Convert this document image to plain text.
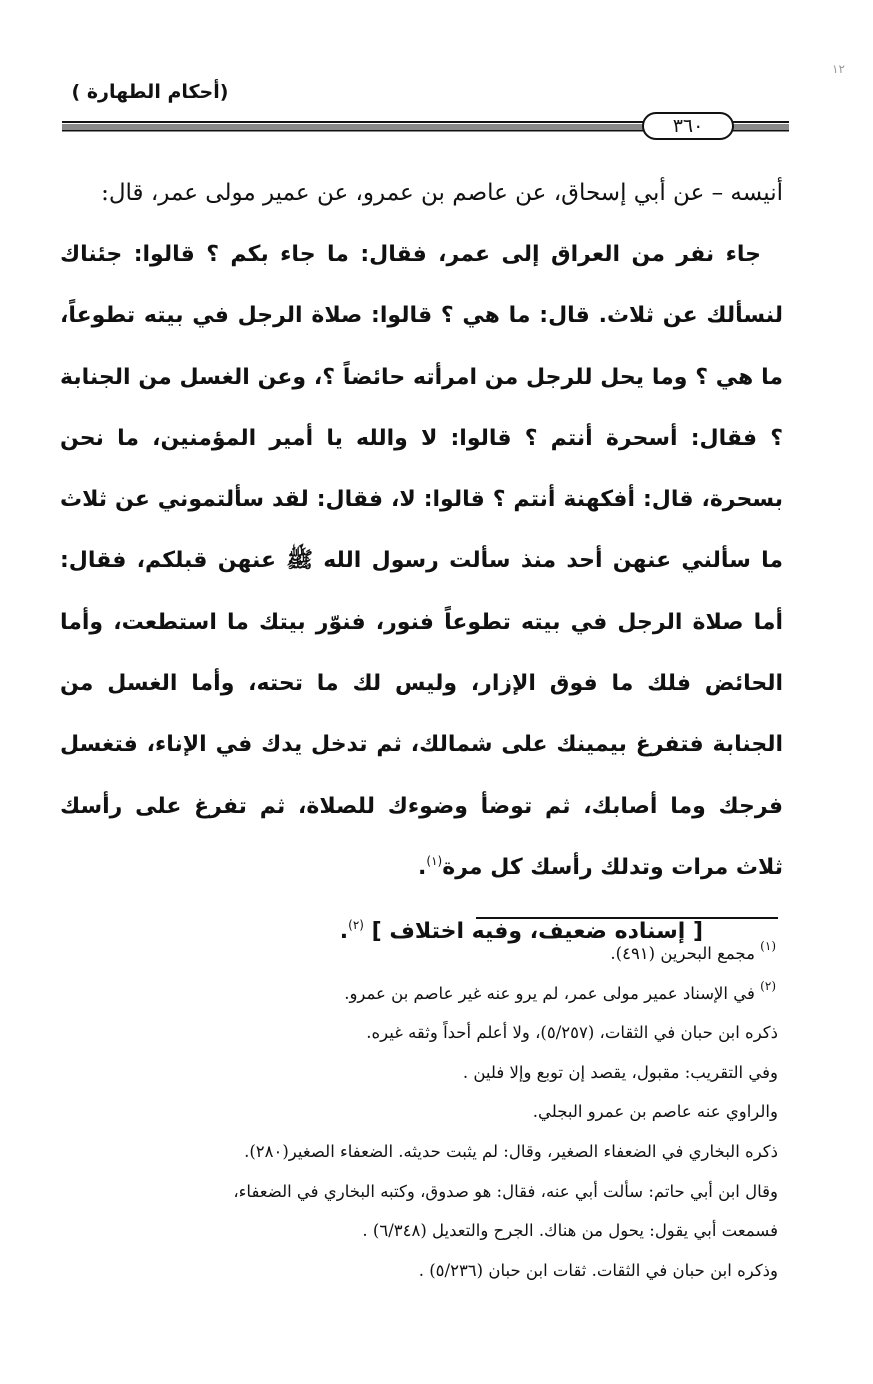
١٢
(أحكام الطهارة )
٣٦٠
أنيسه – عن أبي إسحاق، عن عاصم بن عمرو، عن عمير مولى عمر، قال:

جاء نفر من العراق إلى عمر، فقال: ما جاء بكم ؟ قالوا: جئناك لنسألك عن ثلاث. قال: ما هي ؟ قالوا: صلاة الرجل في بيته تطوعاً، ما هي ؟ وما يحل للرجل من امرأته حائضاً ؟، وعن الغسل من الجنابة ؟ فقال: أسحرة أنتم ؟ قالوا: لا والله يا أمير المؤمنين، ما نحن بسحرة، قال: أفكهنة أنتم ؟ قالوا: لا، فقال: لقد سألتموني عن ثلاث ما سألني عنهن أحد منذ سألت رسول الله ﷺ عنهن قبلكم، فقال: أما صلاة الرجل في بيته تطوعاً فنور، فنوّر بيتك ما استطعت، وأما الحائض فلك ما فوق الإزار، وليس لك ما تحته، وأما الغسل من الجنابة فتفرغ بيمينك على شمالك، ثم تدخل يدك في الإناء، فتغسل فرجك وما أصابك، ثم توضأ وضوءك للصلاة، ثم تفرغ على رأسك ثلاث مرات وتدلك رأسك كل مرة$^{(١)}$.

[ إسناده ضعيف، وفيه اختلاف ] $^{(٢)}$.
$^{(١)}$ مجمع البحرين (٤٩١).
$^{(٢)}$ في الإسناد عمير مولى عمر، لم يرو عنه غير عاصم بن عمرو.
ذكره ابن حبان في الثقات، (٥/٢٥٧)، ولا أعلم أحداً وثقه غيره.
وفي التقريب: مقبول، يقصد إن توبع وإلا فلين .
والراوي عنه عاصم بن عمرو البجلي.
ذكره البخاري في الضعفاء الصغير، وقال: لم يثبت حديثه. الضعفاء الصغير(٢٨٠).
وقال ابن أبي حاتم: سألت أبي عنه، فقال: هو صدوق، وكتبه البخاري في الضعفاء،
فسمعت أبي يقول: يحول من هناك. الجرح والتعديل (٦/٣٤٨) .
وذكره ابن حبان في الثقات. ثقات ابن حبان (٥/٢٣٦) .
